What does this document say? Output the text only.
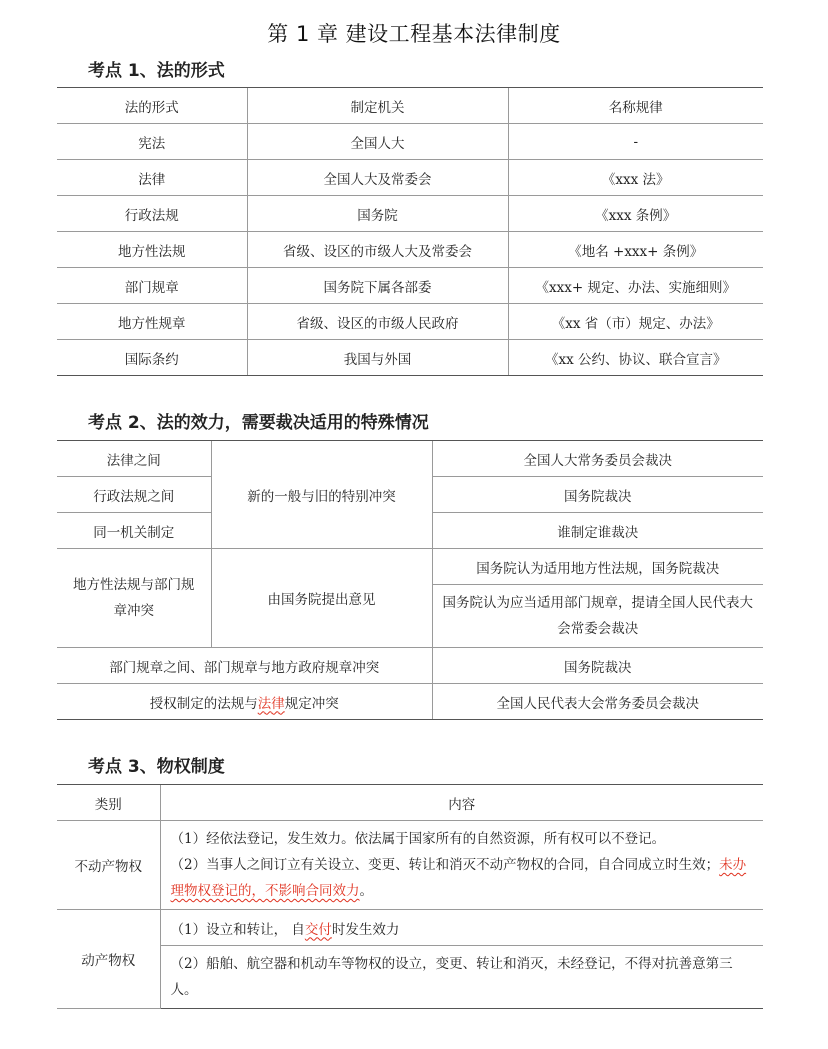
第 1 章 建设工程基本法律制度
考点 1、法的形式
法的形式	制定机关	名称规律
宪法	全国人大	-
法律	全国人大及常委会	《xxx 法》
行政法规	国务院	《xxx 条例》
地方性法规	省级、设区的市级人大及常委会	《地名 +xxx+ 条例》
部门规章	国务院下属各部委	《xxx+ 规定、办法、实施细则》
地方性规章	省级、设区的市级人民政府	《xx 省（市）规定、办法》
国际条约	我国与外国	《xx 公约、协议、联合宣言》
考点 2、法的效力，需要裁决适用的特殊情况
法律之间	新的一般与旧的特别冲突	全国人大常务委员会裁决
行政法规之间		国务院裁决
同一机关制定		谁制定谁裁决
地方性法规与部门规章冲突	由国务院提出意见	国务院认为适用地方性法规，国务院裁决
		国务院认为应当适用部门规章，提请全国人民代表大会常委会裁决
部门规章之间、部门规章与地方政府规章冲突		国务院裁决
授权制定的法规与法律规定冲突		全国人民代表大会常务委员会裁决
考点 3、物权制度
类别	内容
不动产物权	（1）经依法登记，发生效力。依法属于国家所有的自然资源，所有权可以不登记。
（2）当事人之间订立有关设立、变更、转让和消灭不动产物权的合同，自合同成立时生效；未办理物权登记的，不影响合同效力。

动产物权	（1）设立和转让， 自交付时发生效力
	（2）船舶、航空器和机动车等物权的设立，变更、转让和消灭，未经登记，不得对抗善意第三人。
